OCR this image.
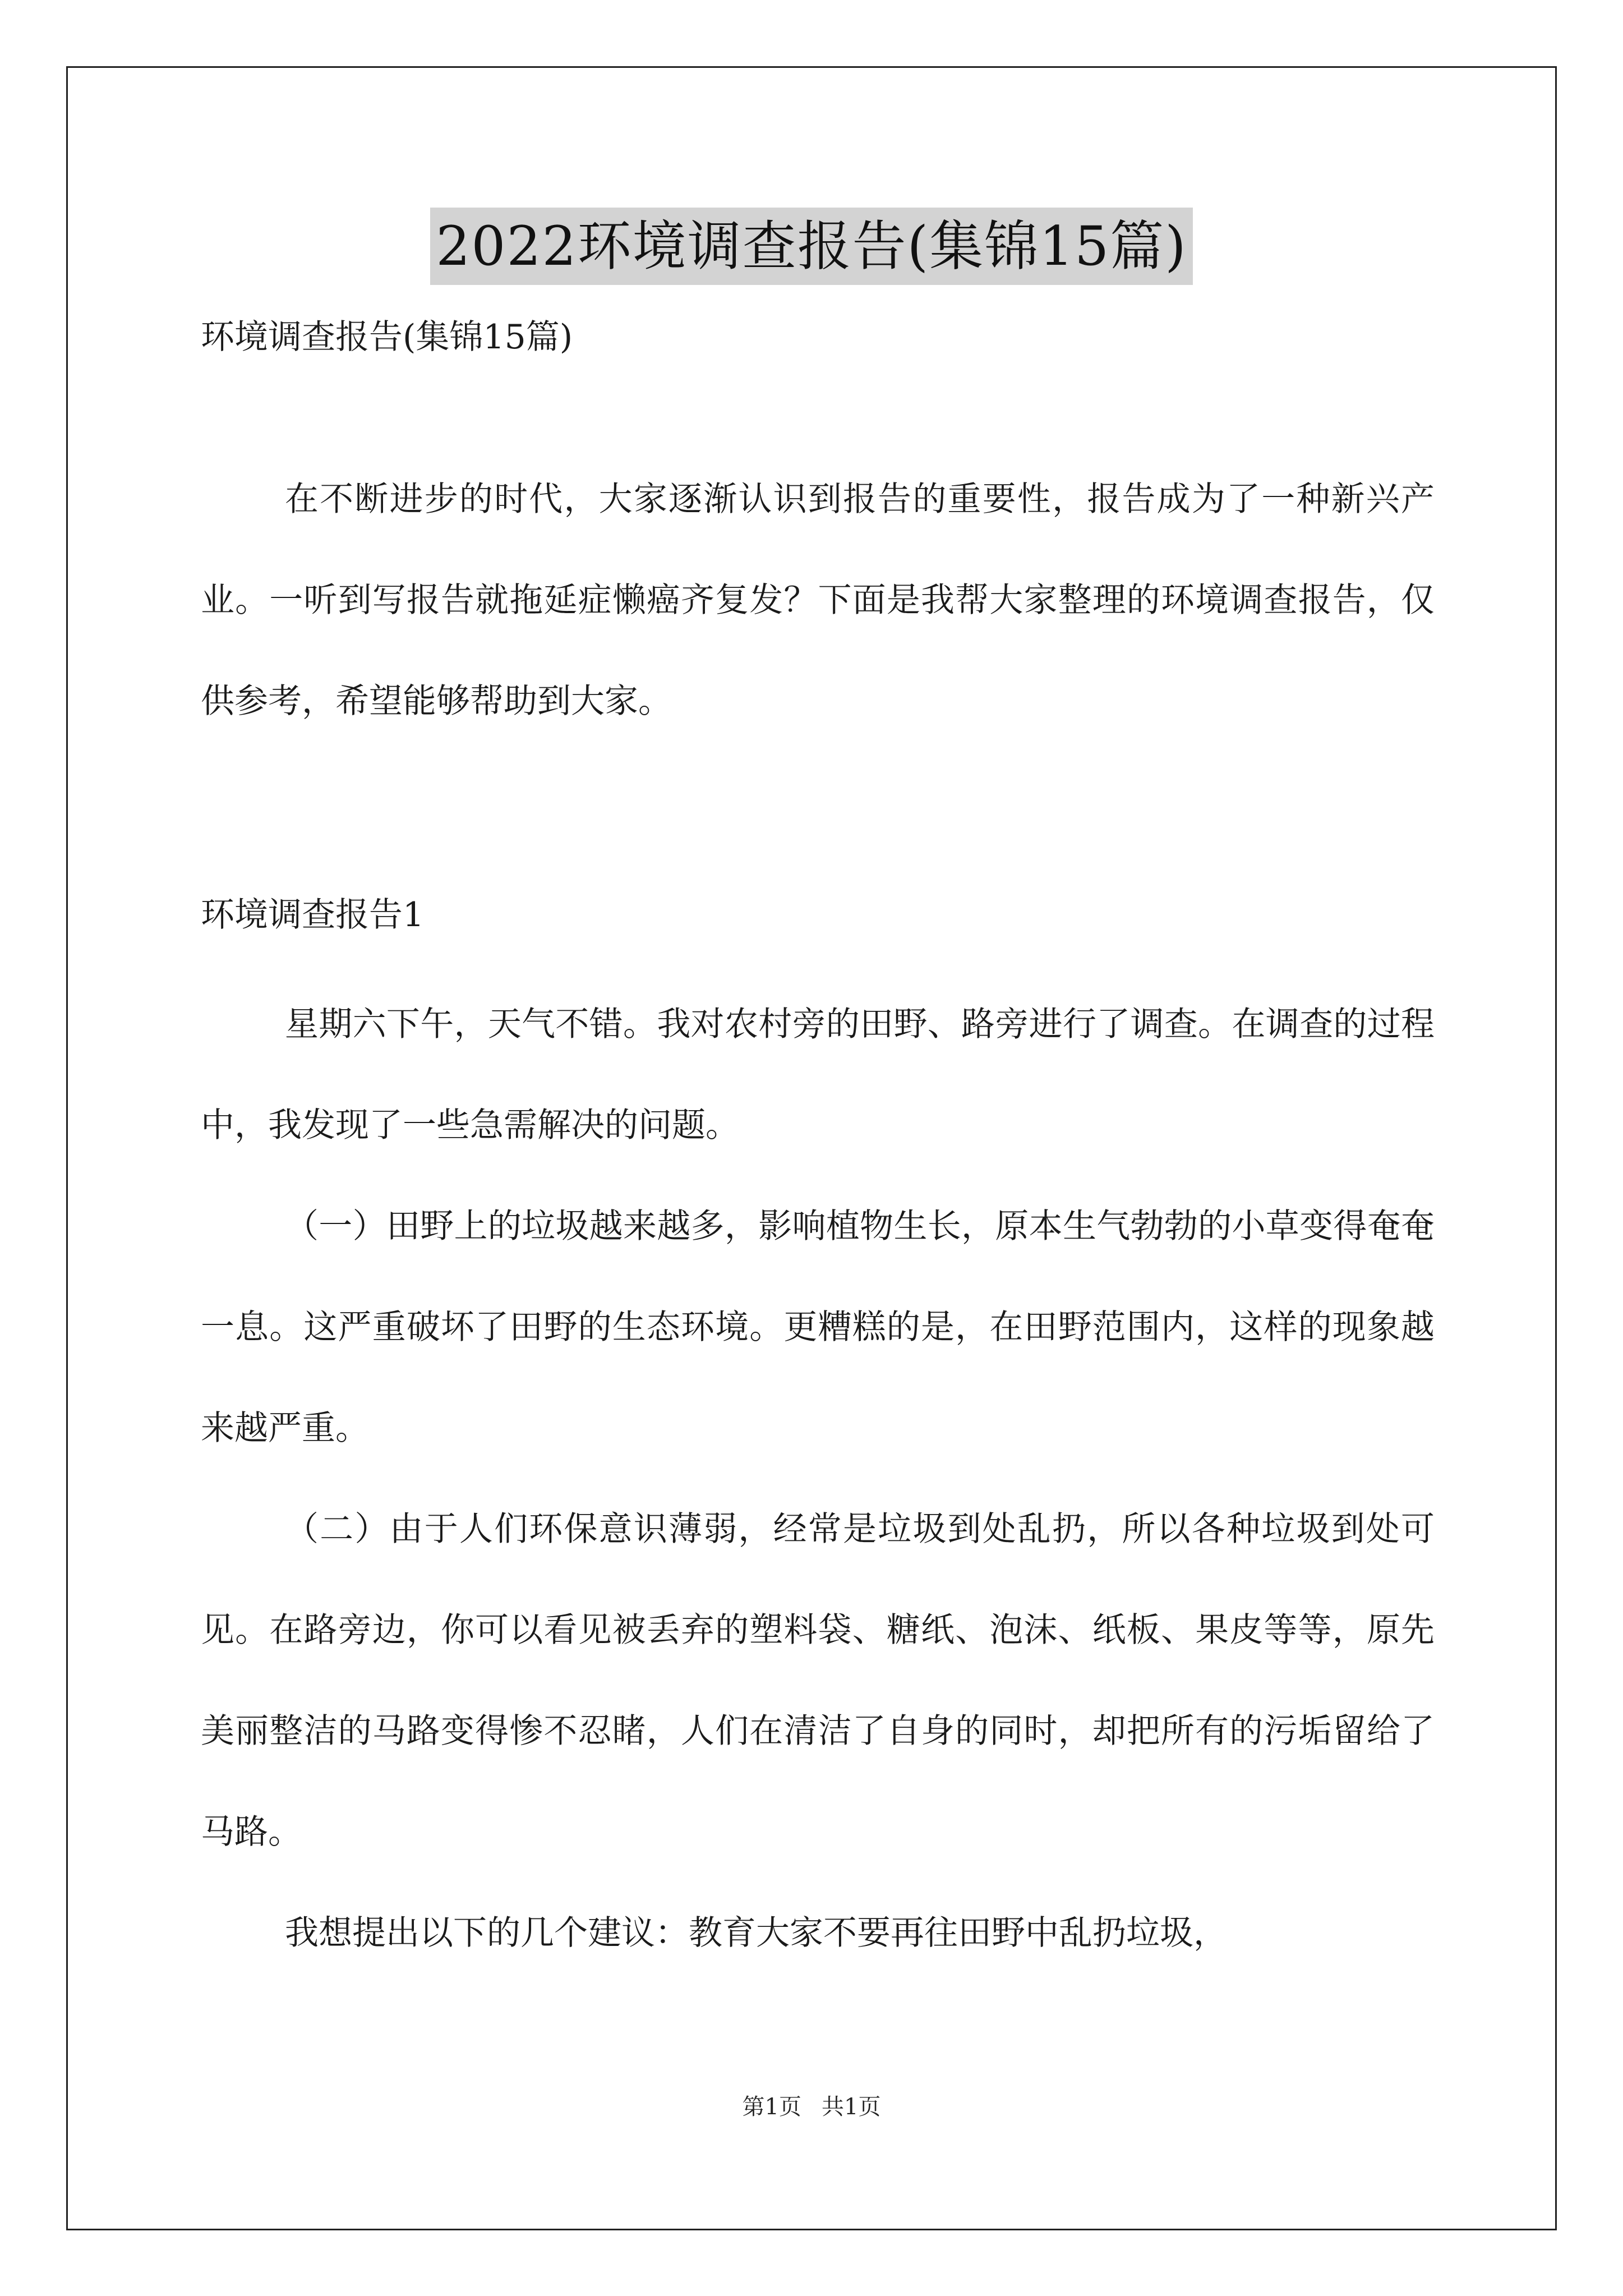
2022环境调查报告(集锦15篇)
环境调查报告(集锦15篇)

在不断进步的时代，大家逐渐认识到报告的重要性，报告成为了一种新兴产业。一听到写报告就拖延症懒癌齐复发？下面是我帮大家整理的环境调查报告，仅供参考，希望能够帮助到大家。

环境调查报告1

星期六下午，天气不错。我对农村旁的田野、路旁进行了调查。在调查的过程中，我发现了一些急需解决的问题。

（一）田野上的垃圾越来越多，影响植物生长，原本生气勃勃的小草变得奄奄一息。这严重破坏了田野的生态环境。更糟糕的是，在田野范围内，这样的现象越来越严重。

（二）由于人们环保意识薄弱，经常是垃圾到处乱扔，所以各种垃圾到处可见。在路旁边，你可以看见被丢弃的塑料袋、糖纸、泡沫、纸板、果皮等等，原先美丽整洁的马路变得惨不忍睹，人们在清洁了自身的同时，却把所有的污垢留给了马路。

我想提出以下的几个建议：教育大家不要再往田野中乱扔垃圾，

第1页 共1页
